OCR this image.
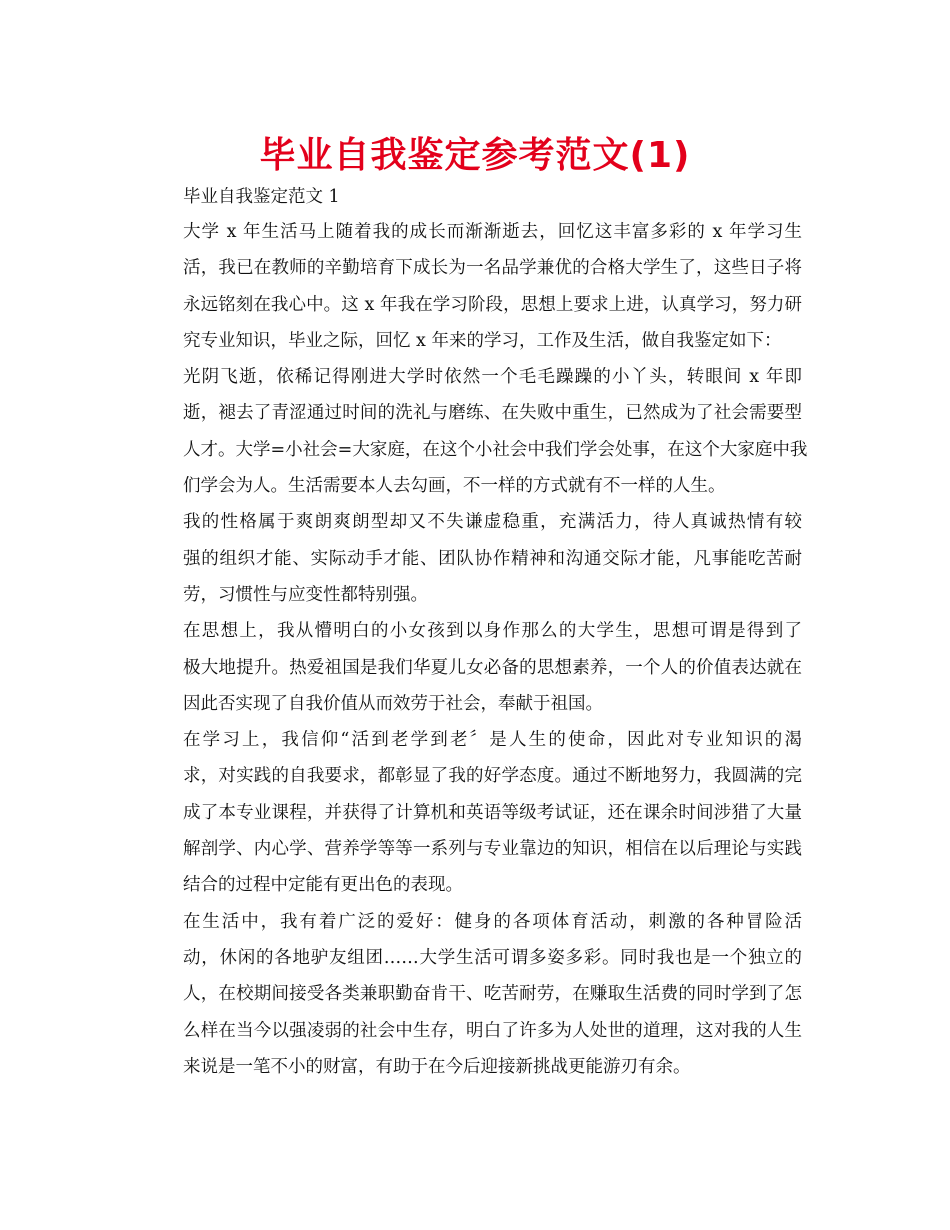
毕业自我鉴定参考范文(1)

毕业自我鉴定范文 1

大学 x 年生活马上随着我的成长而渐渐逝去，回忆这丰富多彩的 x 年学习生
活，我已在教师的辛勤培育下成长为一名品学兼优的合格大学生了，这些日子将
永远铭刻在我心中。这 x 年我在学习阶段，思想上要求上进，认真学习，努力研
究专业知识，毕业之际，回忆 x 年来的学习，工作及生活，做自我鉴定如下：

光阴飞逝，依稀记得刚进大学时依然一个毛毛躁躁的小丫头，转眼间 x 年即
逝，褪去了青涩通过时间的洗礼与磨练、在失败中重生，已然成为了社会需要型
人才。大学=小社会=大家庭，在这个小社会中我们学会处事，在这个大家庭中我
们学会为人。生活需要本人去勾画，不一样的方式就有不一样的人生。

我的性格属于爽朗爽朗型却又不失谦虚稳重，充满活力，待人真诚热情有较
强的组织才能、实际动手才能、团队协作精神和沟通交际才能，凡事能吃苦耐
劳，习惯性与应变性都特别强。

在思想上，我从懵明白的小女孩到以身作那么的大学生，思想可谓是得到了
极大地提升。热爱祖国是我们华夏儿女必备的思想素养，一个人的价值表达就在
因此否实现了自我价值从而效劳于社会，奉献于祖国。

在学习上，我信仰“活到老学到老〞是人生的使命，因此对专业知识的渴
求，对实践的自我要求，都彰显了我的好学态度。通过不断地努力，我圆满的完
成了本专业课程，并获得了计算机和英语等级考试证，还在课余时间涉猎了大量
解剖学、内心学、营养学等等一系列与专业靠边的知识，相信在以后理论与实践
结合的过程中定能有更出色的表现。

在生活中，我有着广泛的爱好：健身的各项体育活动，刺激的各种冒险活
动，休闲的各地驴友组团……大学生活可谓多姿多彩。同时我也是一个独立的
人，在校期间接受各类兼职勤奋肯干、吃苦耐劳，在赚取生活费的同时学到了怎
么样在当今以强凌弱的社会中生存，明白了许多为人处世的道理，这对我的人生
来说是一笔不小的财富，有助于在今后迎接新挑战更能游刃有余。
